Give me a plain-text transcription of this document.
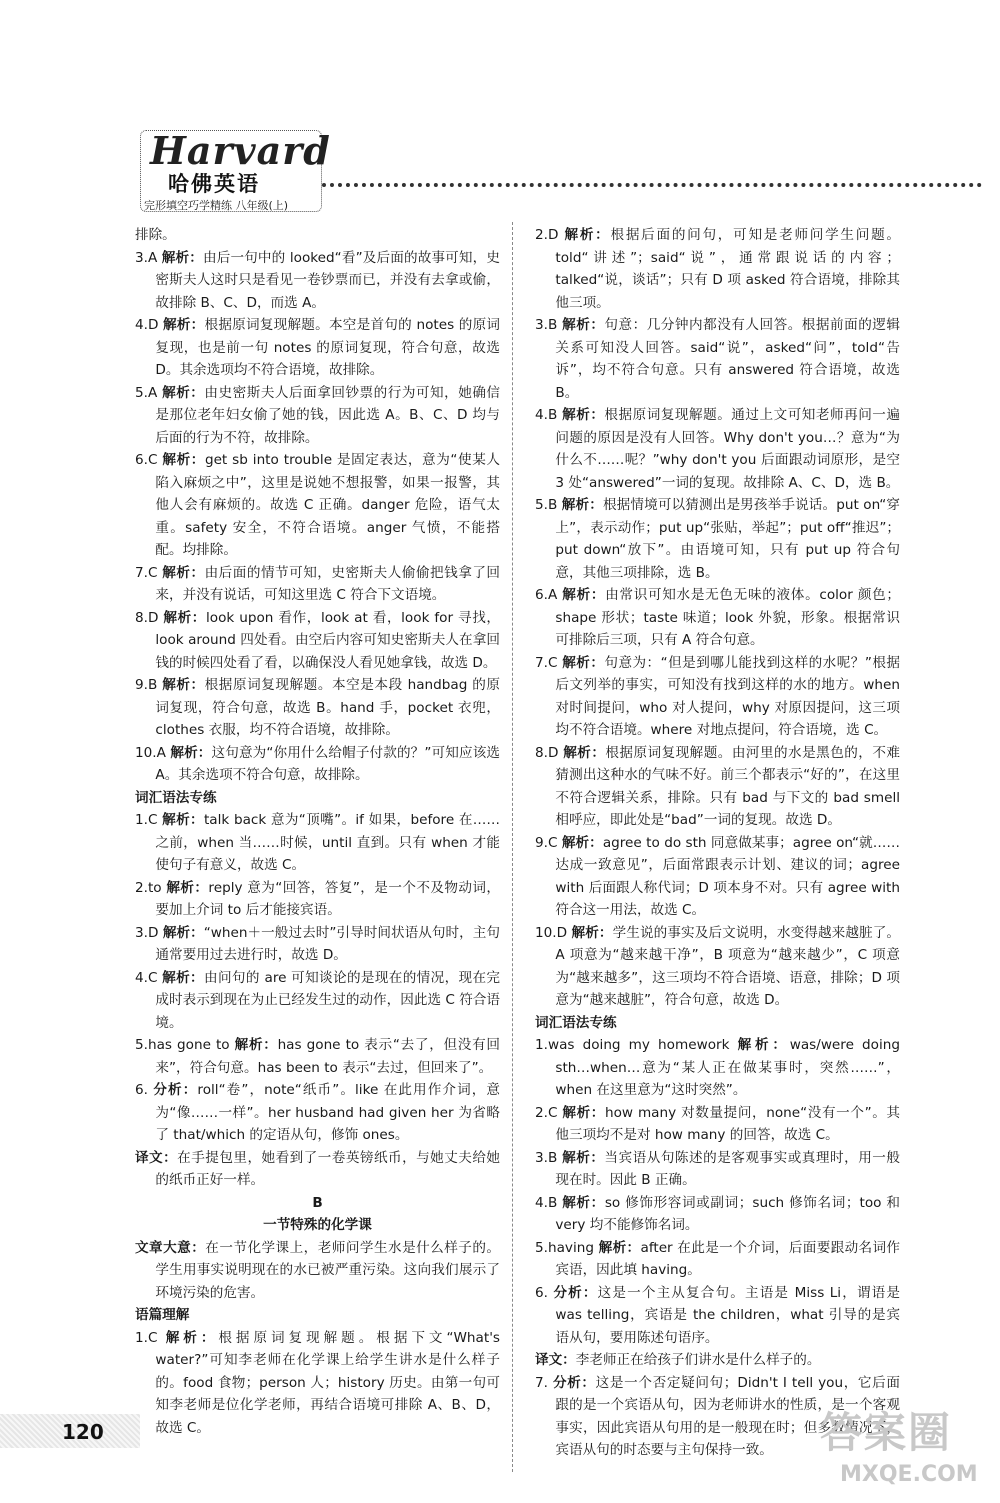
Harvard
哈佛英语
完形填空巧学精练 八年级(上)

排除。

3.A 解析：由后一句中的 looked“看”及后面的故事可知，史密斯夫人这时只是看见一卷钞票而已，并没有去拿或偷，故排除 B、C、D，而选 A。

4.D 解析：根据原词复现解题。本空是首句的 notes 的原词复现，也是前一句 notes 的原词复现，符合句意，故选 D。其余选项均不符合语境，故排除。

5.A 解析：由史密斯夫人后面拿回钞票的行为可知，她确信是那位老年妇女偷了她的钱，因此选 A。B、C、D 均与后面的行为不符，故排除。

6.C 解析：get sb into trouble 是固定表达，意为“使某人陷入麻烦之中”，这里是说她不想报警，如果一报警，其他人会有麻烦的。故选 C 正确。danger 危险，语气太重。safety 安全，不符合语境。anger 气愤，不能搭配。均排除。

7.C 解析：由后面的情节可知，史密斯夫人偷偷把钱拿了回来，并没有说话，可知这里选 C 符合下文语境。

8.D 解析：look upon 看作，look at 看，look for 寻找，look around 四处看。由空后内容可知史密斯夫人在拿回钱的时候四处看了看，以确保没人看见她拿钱，故选 D。

9.B 解析：根据原词复现解题。本空是本段 handbag 的原词复现，符合句意，故选 B。hand 手，pocket 衣兜，clothes 衣服，均不符合语境，故排除。

10.A 解析：这句意为“你用什么给帽子付款的？”可知应该选 A。其余选项不符合句意，故排除。

词汇语法专练

1.C 解析：talk back 意为“顶嘴”。if 如果，before 在……之前，when 当……时候，until 直到。只有 when 才能使句子有意义，故选 C。

2.to 解析：reply 意为“回答，答复”，是一个不及物动词，要加上介词 to 后才能接宾语。

3.D 解析：“when＋一般过去时”引导时间状语从句时，主句通常要用过去进行时，故选 D。

4.C 解析：由问句的 are 可知谈论的是现在的情况，现在完成时表示到现在为止已经发生过的动作，因此选 C 符合语境。

5.has gone to 解析：has gone to 表示“去了，但没有回来”，符合句意。has been to 表示“去过，但回来了”。

6. 分析：roll“卷”，note“纸币”。like 在此用作介词，意为“像……一样”。her husband had given her 为省略了 that/which 的定语从句，修饰 ones。

译文：在手提包里，她看到了一卷英镑纸币，与她丈夫给她的纸币正好一样。

B

一节特殊的化学课

文章大意：在一节化学课上，老师问学生水是什么样子的。学生用事实说明现在的水已被严重污染。这向我们展示了环境污染的危害。

语篇理解

1.C 解析：根据原词复现解题。根据下文“What's water?”可知李老师在化学课上给学生讲水是什么样子的。food 食物；person 人；history 历史。由第一句可知李老师是位化学老师，再结合语境可排除 A、B、D，故选 C。

2.D 解析：根据后面的问句，可知是老师问学生问题。told“讲述”；said“说”，通常跟说话的内容；talked“说，谈话”；只有 D 项 asked 符合语境，排除其他三项。

3.B 解析：句意：几分钟内都没有人回答。根据前面的逻辑关系可知没人回答。said“说”，asked“问”，told“告诉”，均不符合句意。只有 answered 符合语境，故选 B。

4.B 解析：根据原词复现解题。通过上文可知老师再问一遍问题的原因是没有人回答。Why don't you…？意为“为什么不……呢？”why don't you 后面跟动词原形，是空 3 处“answered”一词的复现。故排除 A、C、D，选 B。

5.B 解析：根据情境可以猜测出是男孩举手说话。put on“穿上”，表示动作；put up“张贴，举起”；put off“推迟”；put down“放下”。由语境可知，只有 put up 符合句意，其他三项排除，选 B。

6.A 解析：由常识可知水是无色无味的液体。color 颜色；shape 形状；taste 味道；look 外貌，形象。根据常识可排除后三项，只有 A 符合句意。

7.C 解析：句意为：“但是到哪儿能找到这样的水呢？”根据后文列举的事实，可知没有找到这样的水的地方。when 对时间提问，who 对人提问，why 对原因提问，这三项均不符合语境。where 对地点提问，符合语境，选 C。

8.D 解析：根据原词复现解题。由河里的水是黑色的，不难猜测出这种水的气味不好。前三个都表示“好的”，在这里不符合逻辑关系，排除。只有 bad 与下文的 bad smell 相呼应，即此处是“bad”一词的复现。故选 D。

9.C 解析：agree to do sth 同意做某事；agree on“就……达成一致意见”，后面常跟表示计划、建议的词；agree with 后面跟人称代词；D 项本身不对。只有 agree with 符合这一用法，故选 C。

10.D 解析：学生说的事实及后文说明，水变得越来越脏了。A 项意为“越来越干净”，B 项意为“越来越少”，C 项意为“越来越多”，这三项均不符合语境、语意，排除；D 项意为“越来越脏”，符合句意，故选 D。

词汇语法专练

1.was doing my homework 解析：was/were doing sth…when…意为“某人正在做某事时，突然……”，when 在这里意为“这时突然”。

2.C 解析：how many 对数量提问，none“没有一个”。其他三项均不是对 how many 的回答，故选 C。

3.B 解析：当宾语从句陈述的是客观事实或真理时，用一般现在时。因此 B 正确。

4.B 解析：so 修饰形容词或副词；such 修饰名词；too 和 very 均不能修饰名词。

5.having 解析：after 在此是一个介词，后面要跟动名词作宾语，因此填 having。

6. 分析：这是一个主从复合句。主语是 Miss Li，谓语是 was telling，宾语是 the children，what 引导的是宾语从句，要用陈述句语序。

译文：李老师正在给孩子们讲水是什么样子的。

7. 分析：这是一个否定疑问句；Didn't I tell you，它后面跟的是一个宾语从句，因为老师讲水的性质，是一个客观事实，因此宾语从句用的是一般现在时；但多数情况下，宾语从句的时态要与主句保持一致。

120	答案圈
MXQE.COM
